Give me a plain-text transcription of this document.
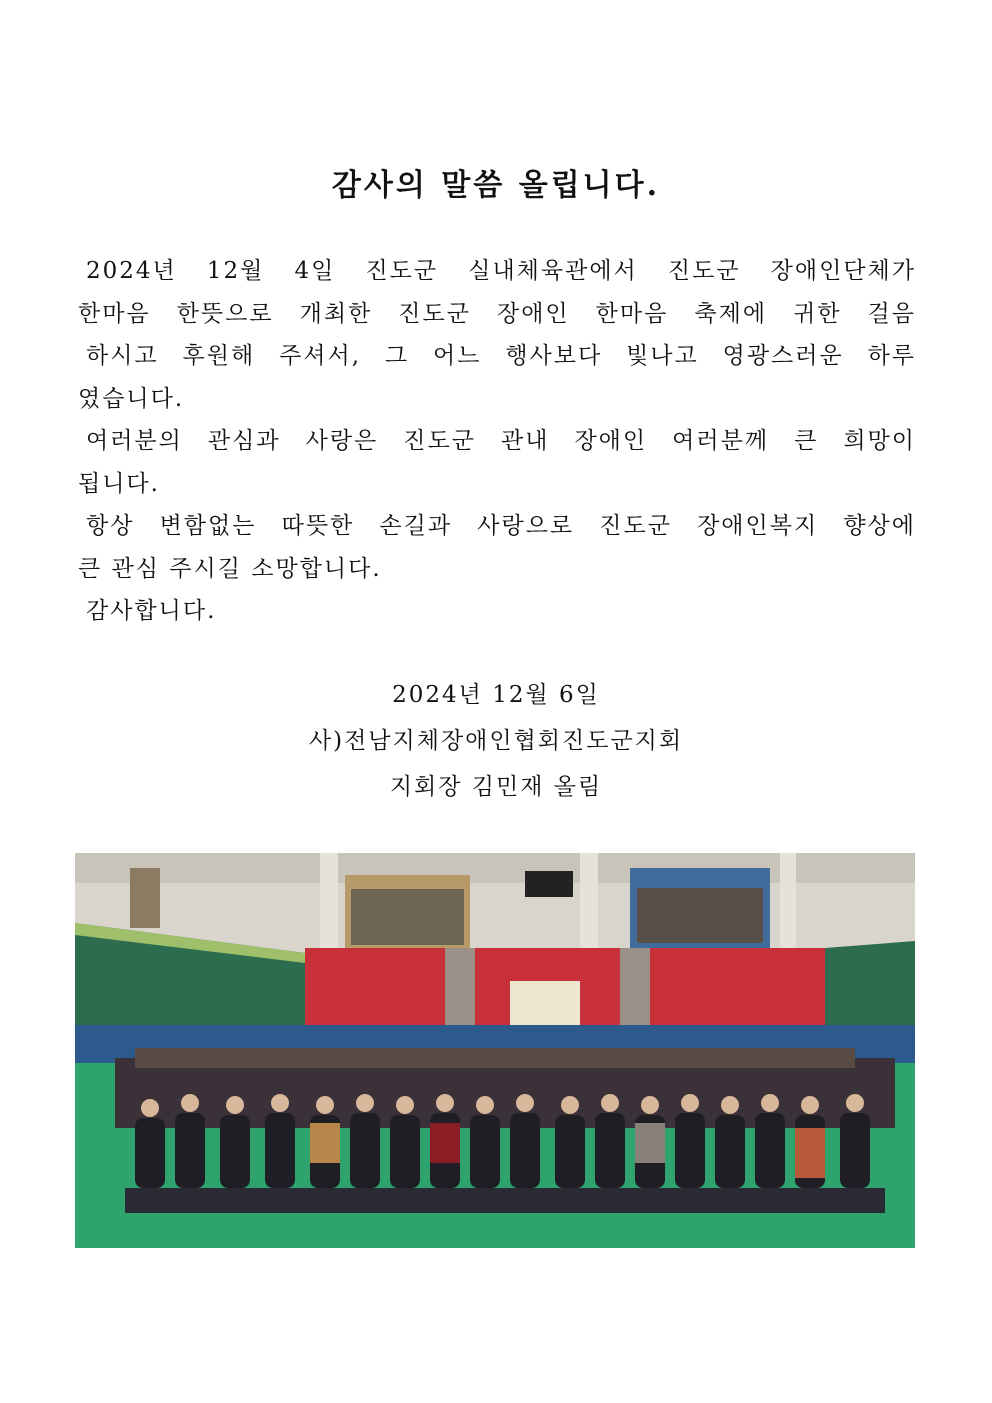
감사의 말씀 올립니다.
2024년 12월 4일 진도군 실내체육관에서 진도군 장애인단체가
한마음 한뜻으로 개최한 진도군 장애인 한마음 축제에 귀한 걸음
하시고 후원해 주셔서, 그 어느 행사보다 빛나고 영광스러운 하루
였습니다.
여러분의 관심과 사랑은 진도군 관내 장애인 여러분께 큰 희망이
됩니다.
항상 변함없는 따뜻한 손길과 사랑으로 진도군 장애인복지 향상에
큰 관심 주시길 소망합니다.
감사합니다.
2024년 12월 6일
사)전남지체장애인협회진도군지회
지회장 김민재 올림
